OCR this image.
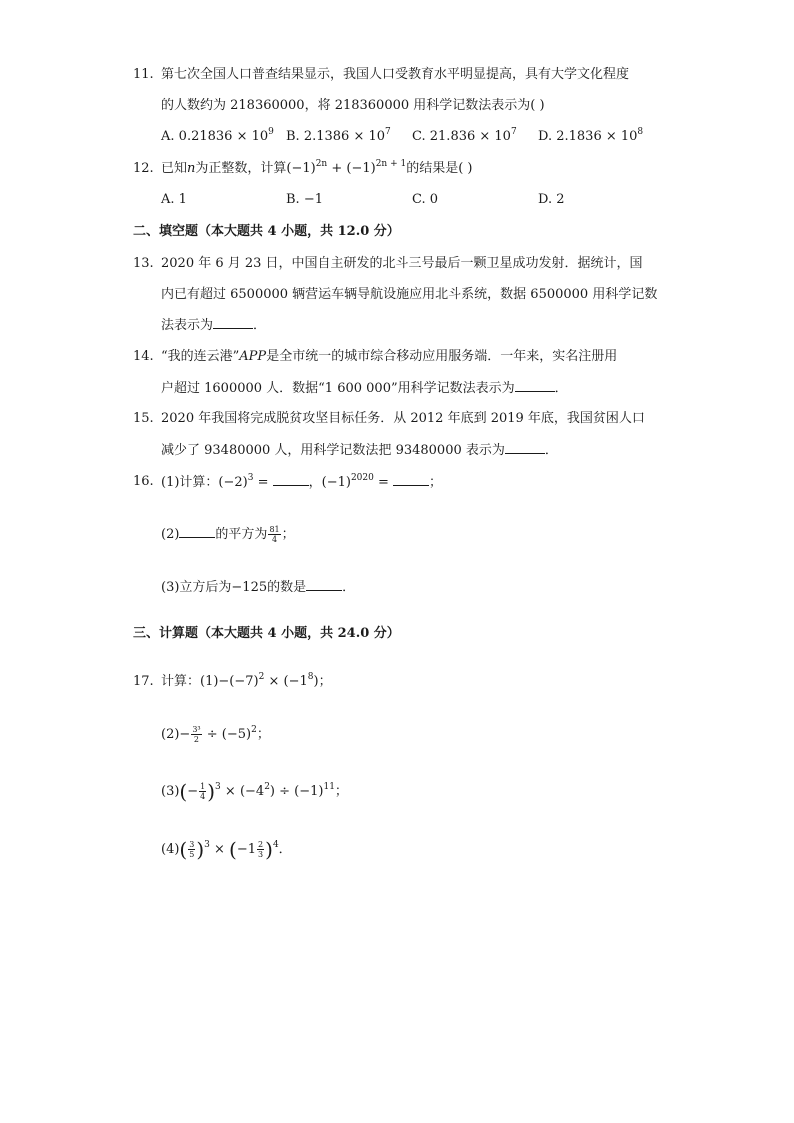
11. 第七次全国人口普查结果显示，我国人口受教育水平明显提高，具有大学文化程度
的人数约为 218360000，将 218360000 用科学记数法表示为( )
A. $0.21836 \times 10^9$ B. $2.1386 \times 10^7$ C. $21.836 \times 10^7$ D. $2.1836 \times 10^8$
12. 已知n为正整数，计算$(-1)^{2n} + (-1)^{2n + 1}$的结果是( )
A. 1	B. −1	C. 0	D. 2
二、填空题（本大题共 4 小题，共 12.0 分）
13. 2020 年 6 月 23 日，中国自主研发的北斗三号最后一颗卫星成功发射．据统计，国
内已有超过 6500000 辆营运车辆导航设施应用北斗系统，数据 6500000 用科学记数
法表示为	．
14. “我的连云港”APP是全市统一的城市综合移动应用服务端．一年来，实名注册用
户超过 1600000 人．数据“1 600 000”用科学记数法表示为	．
15. 2020 年我国将完成脱贫攻坚目标任务．从 2012 年底到 2019 年底，我国贫困人口
减少了 93480000 人，用科学记数法把 93480000 表示为	．
16. (1)计算：$(-2)^3$ =	，$(-1)^{2020}$ =	；
(2)	的平方为 $\frac{81}{4}$ ；
(3)立方后为−125的数是	．
三、计算题（本大题共 4 小题，共 24.0 分）
17. 计算：$(1)-(-7)^2 \times (-1^8)$；
$(2)- \frac{\text{3³}}{2} \div (-5)^2$；
$(3)(- \frac{1}{4} )^3 \times (-4^2) \div (-1)^{11}$；
$(4)( \frac{3}{5} )^3 \times (-1 \frac{2}{3} )^4$．
